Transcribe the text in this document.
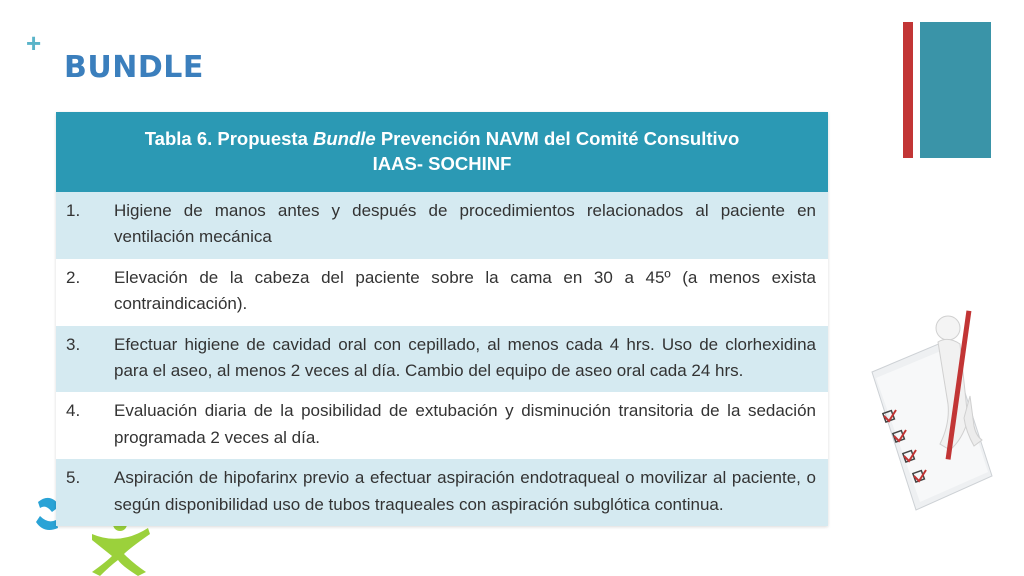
+
BUNDLE
Tabla 6. Propuesta Bundle Prevención NAVM del Comité Consultivo
IAAS- SOCHINF	
1.	Higiene de manos antes y después de procedimientos relacionados al paciente en ventilación mecánica
2.	Elevación de la cabeza del paciente sobre la cama en 30 a 45º (a menos exista contraindicación).
3.	Efectuar higiene de cavidad oral con cepillado, al menos cada 4 hrs. Uso de clorhexidina para el aseo, al menos 2 veces al día. Cambio del equipo de aseo oral cada 24 hrs.
4.	Evaluación diaria de la posibilidad de extubación y disminución transitoria de la sedación programada 2 veces al día.
5.	Aspiración de hipofarinx previo a efectuar aspiración endotraqueal o movilizar al paciente, o según disponibilidad uso de tubos traqueales con aspiración subglótica continua.
